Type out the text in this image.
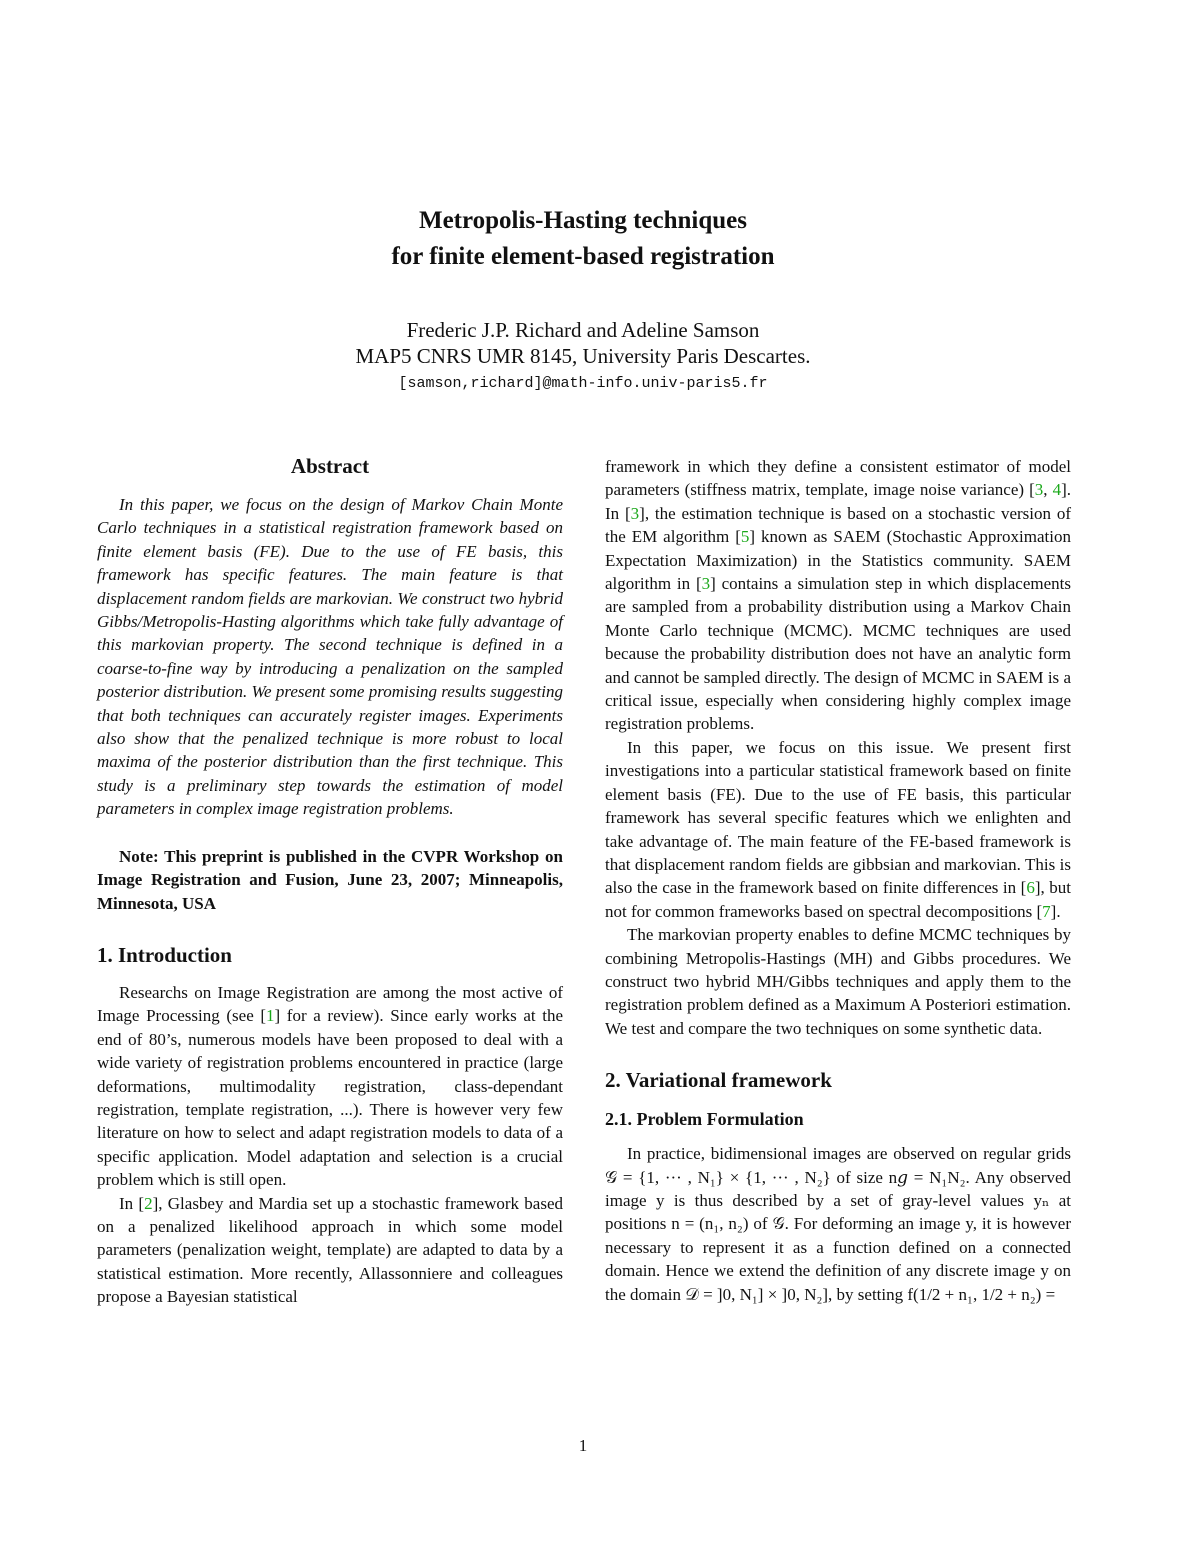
Metropolis-Hasting techniques
for finite element-based registration
Frederic J.P. Richard and Adeline Samson
MAP5 CNRS UMR 8145, University Paris Descartes.
[samson,richard]@math-info.univ-paris5.fr
Abstract

In this paper, we focus on the design of Markov Chain Monte Carlo techniques in a statistical registration framework based on finite element basis (FE). Due to the use of FE basis, this framework has specific features. The main feature is that displacement random fields are markovian. We construct two hybrid Gibbs/Metropolis-Hasting algorithms which take fully advantage of this markovian property. The second technique is defined in a coarse-to-fine way by introducing a penalization on the sampled posterior distribution. We present some promising results suggesting that both techniques can accurately register images. Experiments also show that the penalized technique is more robust to local maxima of the posterior distribution than the first technique. This study is a preliminary step towards the estimation of model parameters in complex image registration problems.

Note: This preprint is published in the CVPR Workshop on Image Registration and Fusion, June 23, 2007; Minneapolis, Minnesota, USA

1. Introduction

Researchs on Image Registration are among the most active of Image Processing (see [1] for a review). Since early works at the end of 80’s, numerous models have been proposed to deal with a wide variety of registration problems encountered in practice (large deformations, multimodality registration, class-dependant registration, template registration, ...). There is however very few literature on how to select and adapt registration models to data of a specific application. Model adaptation and selection is a crucial problem which is still open.

In [2], Glasbey and Mardia set up a stochastic framework based on a penalized likelihood approach in which some model parameters (penalization weight, template) are adapted to data by a statistical estimation. More recently, Allassonniere and colleagues propose a Bayesian statistical

framework in which they define a consistent estimator of model parameters (stiffness matrix, template, image noise variance) [3, 4]. In [3], the estimation technique is based on a stochastic version of the EM algorithm [5] known as SAEM (Stochastic Approximation Expectation Maximization) in the Statistics community. SAEM algorithm in [3] contains a simulation step in which displacements are sampled from a probability distribution using a Markov Chain Monte Carlo technique (MCMC). MCMC techniques are used because the probability distribution does not have an analytic form and cannot be sampled directly. The design of MCMC in SAEM is a critical issue, especially when considering highly complex image registration problems.

In this paper, we focus on this issue. We present first investigations into a particular statistical framework based on finite element basis (FE). Due to the use of FE basis, this particular framework has several specific features which we enlighten and take advantage of. The main feature of the FE-based framework is that displacement random fields are gibbsian and markovian. This is also the case in the framework based on finite differences in [6], but not for common frameworks based on spectral decompositions [7].

The markovian property enables to define MCMC techniques by combining Metropolis-Hastings (MH) and Gibbs procedures. We construct two hybrid MH/Gibbs techniques and apply them to the registration problem defined as a Maximum A Posteriori estimation. We test and compare the two techniques on some synthetic data.

2. Variational framework
2.1. Problem Formulation

In practice, bidimensional images are observed on regular grids 𝒢 = {1, ··· , N₁} × {1, ··· , N₂} of size n𝑔 = N₁N₂. Any observed image y is thus described by a set of gray-level values yₙ at positions n = (n₁, n₂) of 𝒢. For deforming an image y, it is however necessary to represent it as a function defined on a connected domain. Hence we extend the definition of any discrete image y on the domain 𝒟 = ]0, N₁] × ]0, N₂], by setting f(1/2 + n₁, 1/2 + n₂) =

1
